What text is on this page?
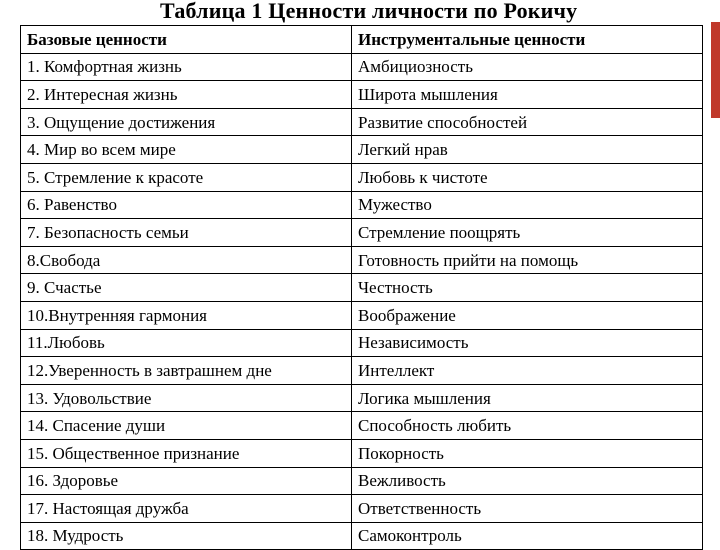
Таблица 1 Ценности личности по Рокичу
Базовые ценности	Инструментальные ценности
1. Комфортная жизнь	Амбициозность
2. Интересная жизнь	Широта мышления
3. Ощущение достижения	Развитие способностей
4. Мир во всем мире	Легкий нрав
5. Стремление к красоте	Любовь к чистоте
6. Равенство	Мужество
7. Безопасность семьи	Стремление поощрять
8.Свобода	Готовность прийти на помощь
9. Счастье	Честность
10.Внутренняя гармония	Воображение
11.Любовь	Независимость
12.Уверенность в завтрашнем дне	Интеллект
13. Удовольствие	Логика мышления
14. Спасение души	Способность любить
15. Общественное признание	Покорность
16. Здоровье	Вежливость
17. Настоящая дружба	Ответственность
18. Мудрость	Самоконтроль
